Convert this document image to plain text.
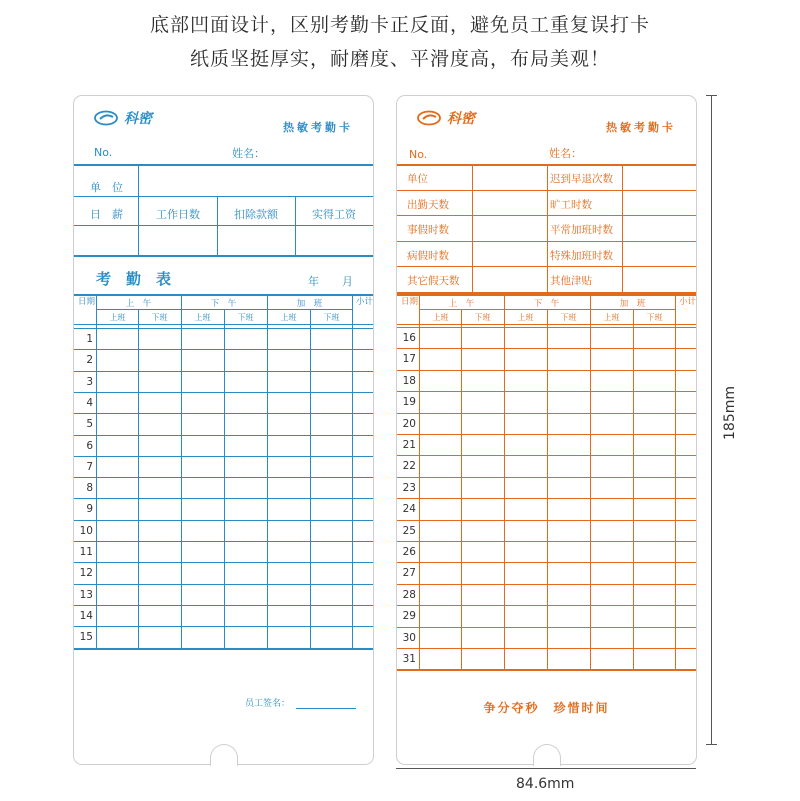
底部凹面设计，区别考勤卡正反面，避免员工重复误打卡
纸质坚挺厚实，耐磨度、平滑度高，布局美观！
科密
热敏考勤卡
No.	姓名：
单　位
日　薪	工作日数	扣除款额	实得工资
考　勤　表	年 月
员工签名：
日期	上　午	下　午	加　班	小计
上班	下班	上班	下班	上班	下班
1
2
3
4
5
6
7
8
9
10
11
12
13
14
15
科密
热敏考勤卡
No.	姓名：
争分夺秒　珍惜时间
单位	迟到早退次数
出勤天数	旷工时数
事假时数	平常加班时数
病假时数	特殊加班时数
其它假天数	其他津贴
日期	上　午	下　午	加　班	小计
上班	下班	上班	下班	上班	下班
16
17
18
19
20
21
22
23
24
25
26
27
28
29
30
31
185mm
84.6mm
